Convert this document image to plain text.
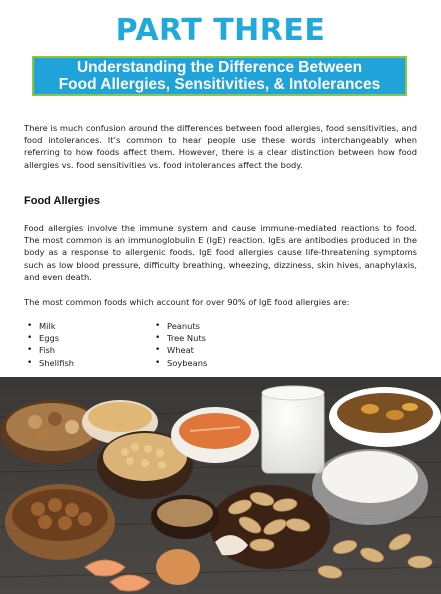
PART THREE
Understanding the Difference Between
Food Allergies, Sensitivities, & Intolerances

There is much confusion around the differences between food allergies, food sensitivities, and food intolerances. It’s common to hear people use these words interchangeably when referring to how foods affect them. However, there is a clear distinction between how food allergies vs. food sensitivities vs. food intolerances affect the body.

Food Allergies

Food allergies involve the immune system and cause immune-mediated reactions to food. The most common is an immunoglobulin E (IgE) reaction. IgEs are antibodies produced in the body as a response to allergenic foods. IgE food allergies cause life-threatening symptoms such as low blood pressure, difficulty breathing, wheezing, dizziness, skin hives, anaphylaxis, and even death.

The most common foods which account for over 90% of IgE food allergies are:

• Milk
• Eggs
• Fish
• Shellfish
• Peanuts
• Tree Nuts
• Wheat
• Soybeans
